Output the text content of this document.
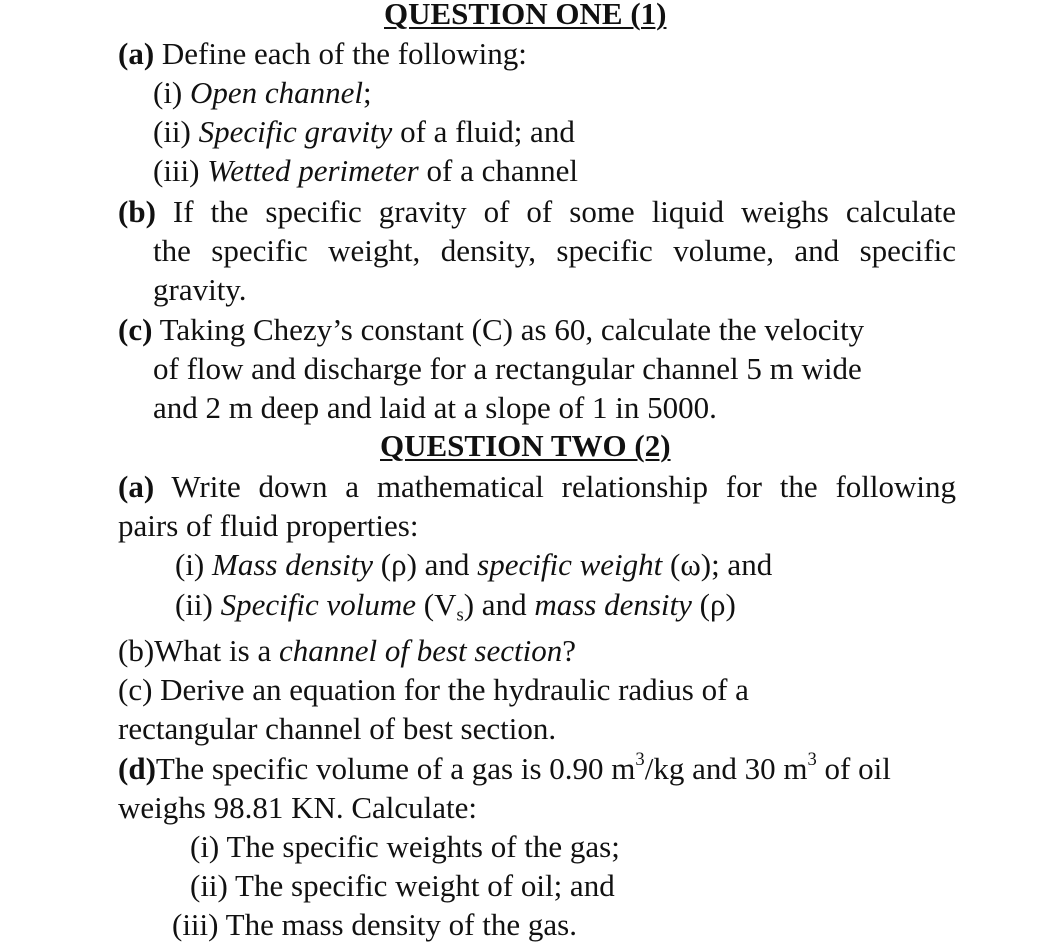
QUESTION ONE (1)
(a) Define each of the following:
(i) Open channel;
(ii) Specific gravity of a fluid; and
(iii) Wetted perimeter of a channel
(b) If the specific gravity of of some liquid weighs calculate
the specific weight, density, specific volume, and specific
gravity.
(c) Taking Chezy’s constant (C) as 60, calculate the velocity
of flow and discharge for a rectangular channel 5 m wide
and 2 m deep and laid at a slope of 1 in 5000.
QUESTION TWO (2)
(a) Write down a mathematical relationship for the following
pairs of fluid properties:
(i) Mass density (ρ) and specific weight (ω); and
(ii) Specific volume $(V_s)$ and mass density (ρ)
(b)What is a channel of best section?
(c) Derive an equation for the hydraulic radius of a
rectangular channel of best section.
(d)The specific volume of a gas is 0.90 $m^3/kg$ and 30 $m^3$ of oil
weighs 98.81 KN. Calculate:
(i) The specific weights of the gas;
(ii) The specific weight of oil; and
(iii) The mass density of the gas.
